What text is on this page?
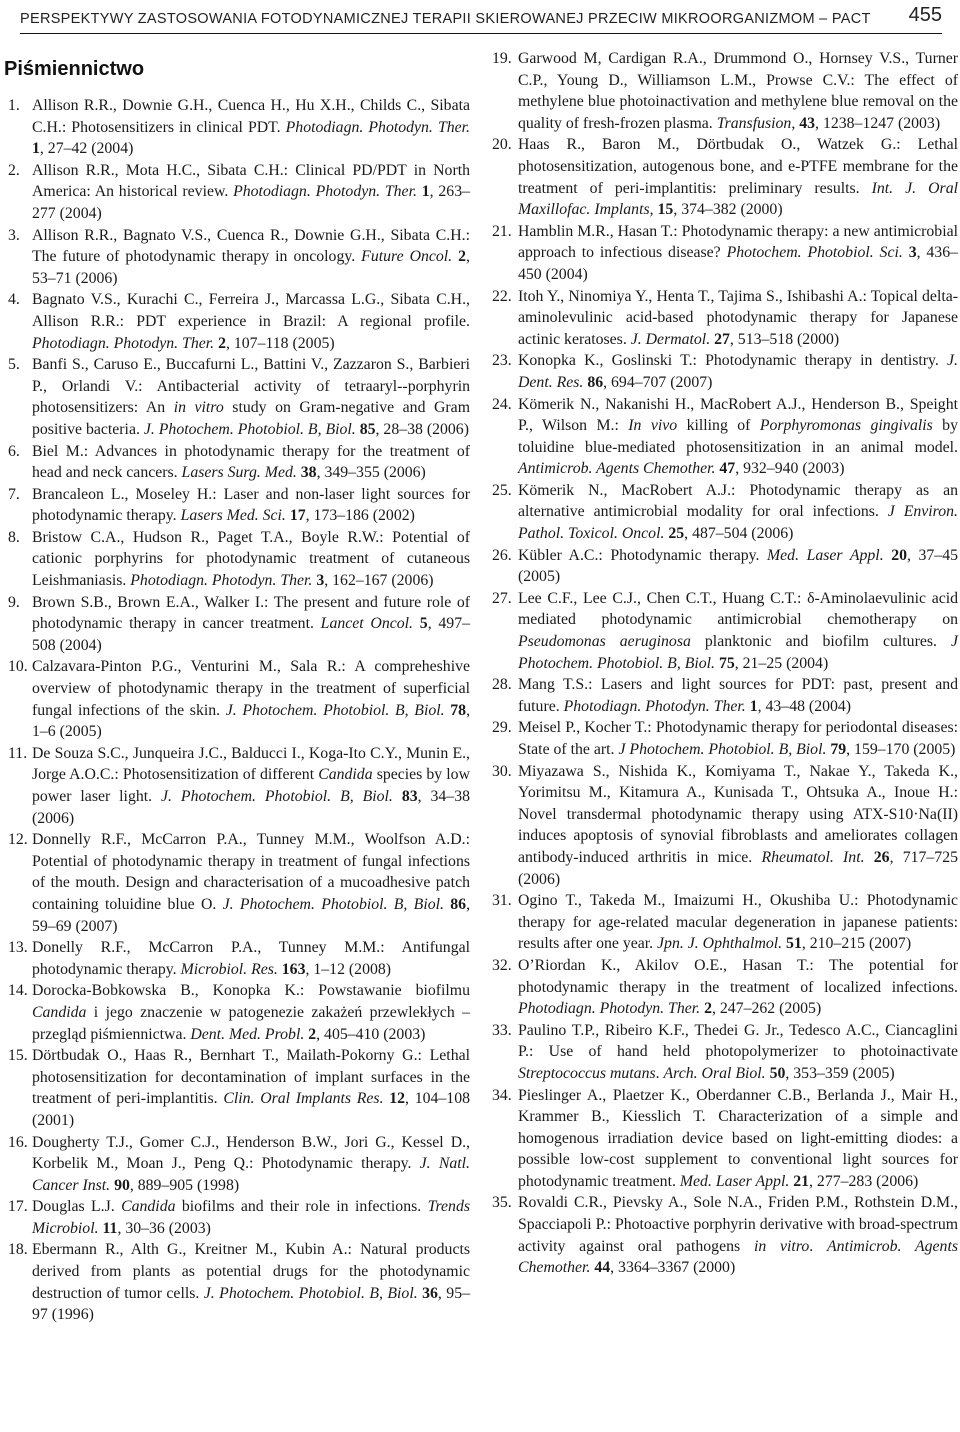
PERSPEKTYWY ZASTOSOWANIA FOTODYNAMICZNEJ TERAPII SKIEROWANEJ PRZECIW MIKROORGANIZMOM – PACT 455
Piśmiennictwo
1. Allison R.R., Downie G.H., Cuenca H., Hu X.H., Childs C., Sibata C.H.: Photosensitizers in clinical PDT. Photodiagn. Photodyn. Ther. 1, 27–42 (2004)
2. Allison R.R., Mota H.C., Sibata C.H.: Clinical PD/PDT in North America: An historical review. Photodiagn. Photodyn. Ther. 1, 263–277 (2004)
3. Allison R.R., Bagnato V.S., Cuenca R., Downie G.H., Sibata C.H.: The future of photodynamic therapy in oncology. Future Oncol. 2, 53–71 (2006)
4. Bagnato V.S., Kurachi C., Ferreira J., Marcassa L.G., Sibata C.H., Allison R.R.: PDT experience in Brazil: A regional profile. Photodiagn. Photodyn. Ther. 2, 107–118 (2005)
5. Banfi S., Caruso E., Buccafurni L., Battini V., Zazzaron S., Barbieri P., Orlandi V.: Antibacterial activity of tetraaryl--porphyrin photosensitizers: An in vitro study on Gram-negative and Gram positive bacteria. J. Photochem. Photobiol. B, Biol. 85, 28–38 (2006)
6. Biel M.: Advances in photodynamic therapy for the treatment of head and neck cancers. Lasers Surg. Med. 38, 349–355 (2006)
7. Brancaleon L., Moseley H.: Laser and non-laser light sources for photodynamic therapy. Lasers Med. Sci. 17, 173–186 (2002)
8. Bristow C.A., Hudson R., Paget T.A., Boyle R.W.: Potential of cationic porphyrins for photodynamic treatment of cutaneous Leishmaniasis. Photodiagn. Photodyn. Ther. 3, 162–167 (2006)
9. Brown S.B., Brown E.A., Walker I.: The present and future role of photodynamic therapy in cancer treatment. Lancet Oncol. 5, 497–508 (2004)
10. Calzavara-Pinton P.G., Venturini M., Sala R.: A compreheshive overview of photodynamic therapy in the treatment of superficial fungal infections of the skin. J. Photochem. Photobiol. B, Biol. 78, 1–6 (2005)
11. De Souza S.C., Junqueira J.C., Balducci I., Koga-Ito C.Y., Munin E., Jorge A.O.C.: Photosensitization of different Candida species by low power laser light. J. Photochem. Photobiol. B, Biol. 83, 34–38 (2006)
12. Donnelly R.F., McCarron P.A., Tunney M.M., Woolfson A.D.: Potential of photodynamic therapy in treatment of fungal infections of the mouth. Design and characterisation of a mucoadhesive patch containing toluidine blue O. J. Photochem. Photobiol. B, Biol. 86, 59–69 (2007)
13. Donelly R.F., McCarron P.A., Tunney M.M.: Antifungal photodynamic therapy. Microbiol. Res. 163, 1–12 (2008)
14. Dorocka-Bobkowska B., Konopka K.: Powstawanie biofilmu Candida i jego znaczenie w patogenezie zakażeń przewlekłych – przegląd piśmiennictwa. Dent. Med. Probl. 2, 405–410 (2003)
15. Dörtbudak O., Haas R., Bernhart T., Mailath-Pokorny G.: Lethal photosensitization for decontamination of implant surfaces in the treatment of peri-implantitis. Clin. Oral Implants Res. 12, 104–108 (2001)
16. Dougherty T.J., Gomer C.J., Henderson B.W., Jori G., Kessel D., Korbelik M., Moan J., Peng Q.: Photodynamic therapy. J. Natl. Cancer Inst. 90, 889–905 (1998)
17. Douglas L.J. Candida biofilms and their role in infections. Trends Microbiol. 11, 30–36 (2003)
18. Ebermann R., Alth G., Kreitner M., Kubin A.: Natural products derived from plants as potential drugs for the photodynamic destruction of tumor cells. J. Photochem. Photobiol. B, Biol. 36, 95–97 (1996)
19. Garwood M, Cardigan R.A., Drummond O., Hornsey V.S., Turner C.P., Young D., Williamson L.M., Prowse C.V.: The effect of methylene blue photoinactivation and methylene blue removal on the quality of fresh-frozen plasma. Transfusion, 43, 1238–1247 (2003)
20. Haas R., Baron M., Dörtbudak O., Watzek G.: Lethal photosensitization, autogenous bone, and e-PTFE membrane for the treatment of peri-implantitis: preliminary results. Int. J. Oral Maxillofac. Implants, 15, 374–382 (2000)
21. Hamblin M.R., Hasan T.: Photodynamic therapy: a new antimicrobial approach to infectious disease? Photochem. Photobiol. Sci. 3, 436–450 (2004)
22. Itoh Y., Ninomiya Y., Henta T., Tajima S., Ishibashi A.: Topical delta-aminolevulinic acid-based photodynamic therapy for Japanese actinic keratoses. J. Dermatol. 27, 513–518 (2000)
23. Konopka K., Goslinski T.: Photodynamic therapy in dentistry. J. Dent. Res. 86, 694–707 (2007)
24. Kömerik N., Nakanishi H., MacRobert A.J., Henderson B., Speight P., Wilson M.: In vivo killing of Porphyromonas gingivalis by toluidine blue-mediated photosensitization in an animal model. Antimicrob. Agents Chemother. 47, 932–940 (2003)
25. Kömerik N., MacRobert A.J.: Photodynamic therapy as an alternative antimicrobial modality for oral infections. J Environ. Pathol. Toxicol. Oncol. 25, 487–504 (2006)
26. Kübler A.C.: Photodynamic therapy. Med. Laser Appl. 20, 37–45 (2005)
27. Lee C.F., Lee C.J., Chen C.T., Huang C.T.: δ-Aminolaevulinic acid mediated photodynamic antimicrobial chemotherapy on Pseudomonas aeruginosa planktonic and biofilm cultures. J Photochem. Photobiol. B, Biol. 75, 21–25 (2004)
28. Mang T.S.: Lasers and light sources for PDT: past, present and future. Photodiagn. Photodyn. Ther. 1, 43–48 (2004)
29. Meisel P., Kocher T.: Photodynamic therapy for periodontal diseases: State of the art. J Photochem. Photobiol. B, Biol. 79, 159–170 (2005)
30. Miyazawa S., Nishida K., Komiyama T., Nakae Y., Takeda K., Yorimitsu M., Kitamura A., Kunisada T., Ohtsuka A., Inoue H.: Novel transdermal photodynamic therapy using ATX-S10·Na(II) induces apoptosis of synovial fibroblasts and ameliorates collagen antibody-induced arthritis in mice. Rheumatol. Int. 26, 717–725 (2006)
31. Ogino T., Takeda M., Imaizumi H., Okushiba U.: Photodynamic therapy for age-related macular degeneration in japanese patients: results after one year. Jpn. J. Ophthalmol. 51, 210–215 (2007)
32. O’Riordan K., Akilov O.E., Hasan T.: The potential for photodynamic therapy in the treatment of localized infections. Photodiagn. Photodyn. Ther. 2, 247–262 (2005)
33. Paulino T.P., Ribeiro K.F., Thedei G. Jr., Tedesco A.C., Ciancaglini P.: Use of hand held photopolymerizer to photoinactivate Streptococcus mutans. Arch. Oral Biol. 50, 353–359 (2005)
34. Pieslinger A., Plaetzer K., Oberdanner C.B., Berlanda J., Mair H., Krammer B., Kiesslich T. Characterization of a simple and homogenous irradiation device based on light-emitting diodes: a possible low-cost supplement to conventional light sources for photodynamic treatment. Med. Laser Appl. 21, 277–283 (2006)
35. Rovaldi C.R., Pievsky A., Sole N.A., Friden P.M., Rothstein D.M., Spacciapoli P.: Photoactive porphyrin derivative with broad-spectrum activity against oral pathogens in vitro. Antimicrob. Agents Chemother. 44, 3364–3367 (2000)
